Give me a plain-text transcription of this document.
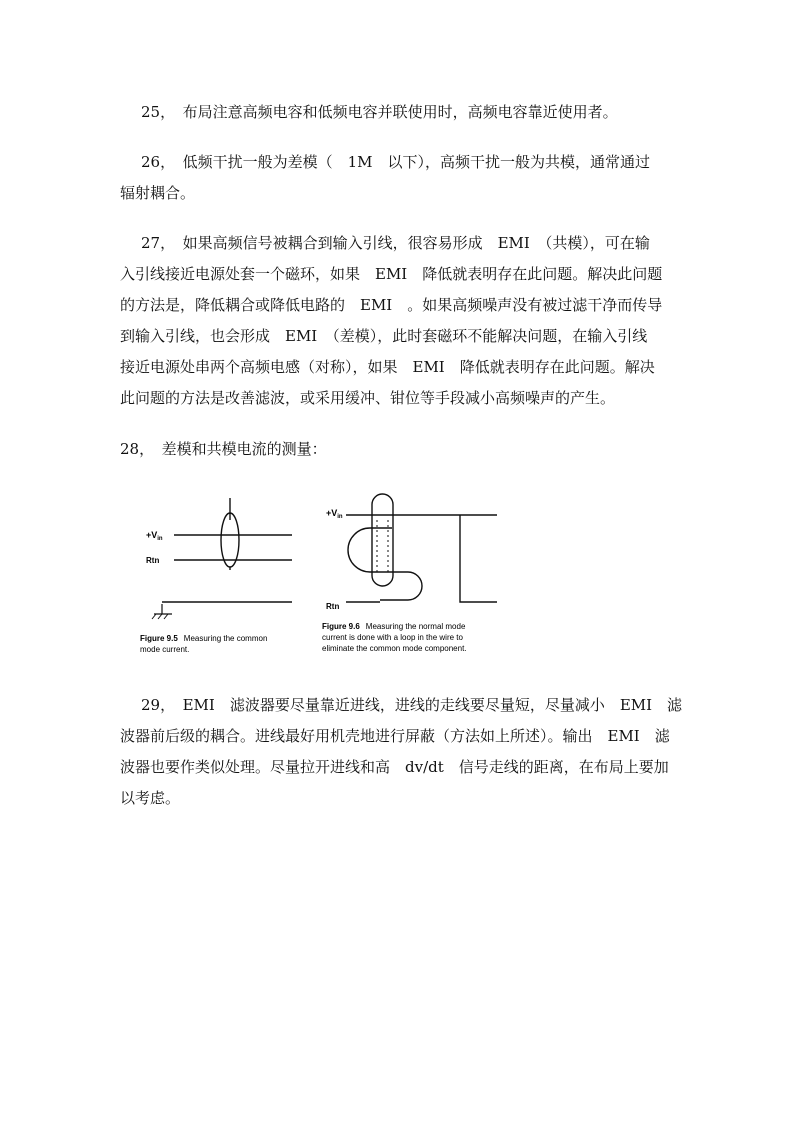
25，　布局注意高频电容和低频电容并联使用时，高频电容靠近使用者。

26，　低频干扰一般为差模（　1M　以下），高频干扰一般为共模，通常通过
辐射耦合。

27，　如果高频信号被耦合到输入引线，很容易形成　EMI　（共模），可在输
入引线接近电源处套一个磁环，如果　EMI　降低就表明存在此问题。解决此问题
的方法是，降低耦合或降低电路的　EMI　。如果高频噪声没有被过滤干净而传导
到输入引线，也会形成　EMI　（差模），此时套磁环不能解决问题，在输入引线
接近电源处串两个高频电感（对称），如果　EMI　降低就表明存在此问题。解决
此问题的方法是改善滤波，或采用缓冲、钳位等手段减小高频噪声的产生。

28，　差模和共模电流的测量：

$+V_{in}$
Rtn
Figure 9.5 Measuring the common
mode current.
$+V_{in}$
Rtn
Figure 9.6 Measuring the normal mode
current is done with a loop in the wire to
eliminate the common mode component.

29，　EMI　滤波器要尽量靠近进线，进线的走线要尽量短，尽量减小　EMI　滤
波器前后级的耦合。进线最好用机壳地进行屏蔽（方法如上所述）。输出　EMI　滤
波器也要作类似处理。尽量拉开进线和高　dv/dt　信号走线的距离，在布局上要加
以考虑。
